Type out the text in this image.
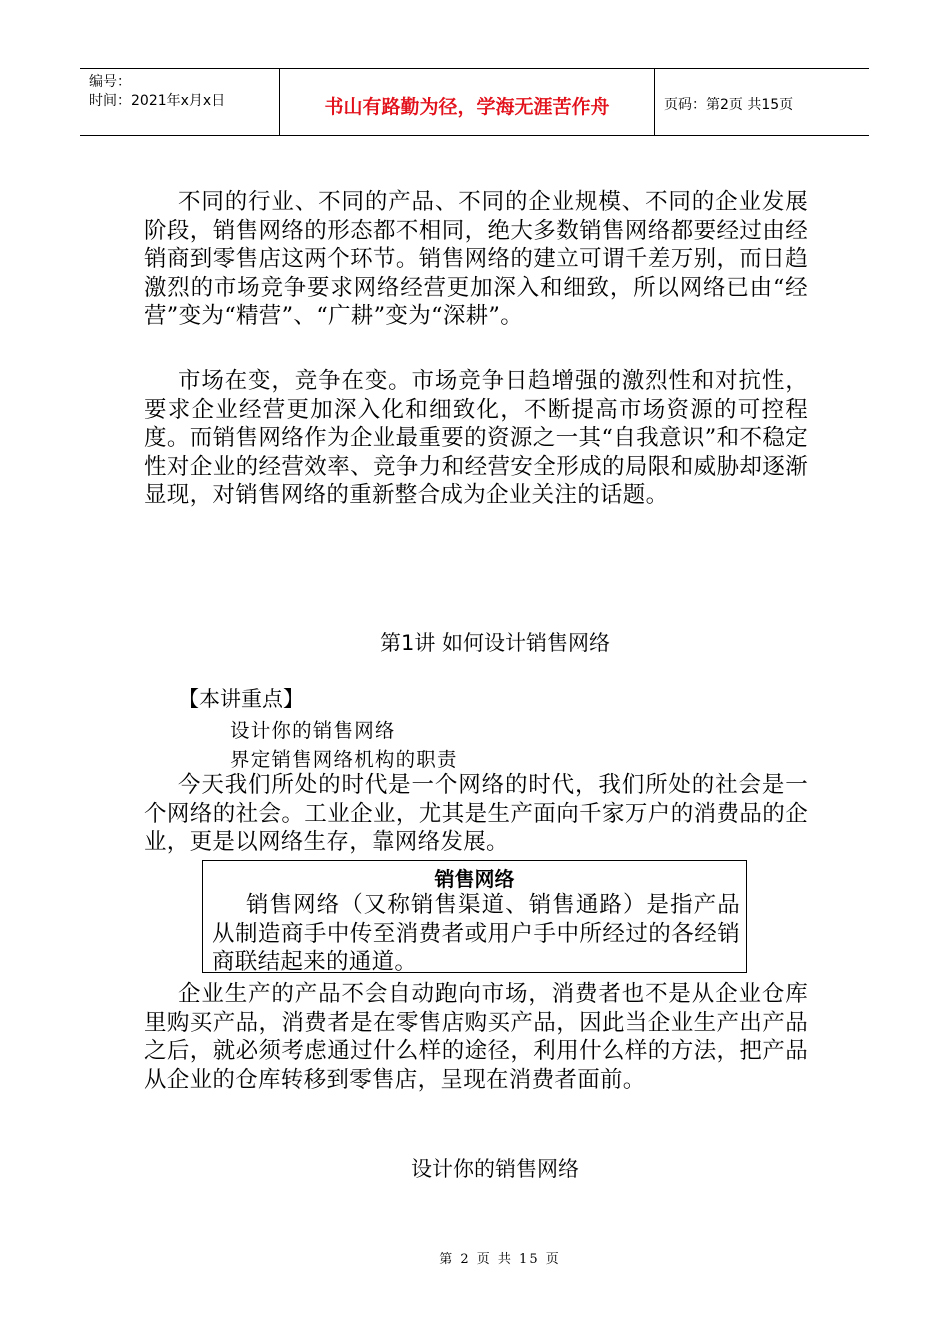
编号：
时间：2021年x月x日	书山有路勤为径，学海无涯苦作舟	页码：第2页 共15页
不同的行业、不同的产品、不同的企业规模、不同的企业发展阶段，销售网络的形态都不相同，绝大多数销售网络都要经过由经销商到零售店这两个环节。销售网络的建立可谓千差万别，而日趋激烈的市场竞争要求网络经营更加深入和细致，所以网络已由“经营”变为“精营”、“广耕”变为“深耕”。
市场在变，竞争在变。市场竞争日趋增强的激烈性和对抗性，要求企业经营更加深入化和细致化，不断提高市场资源的可控程度。而销售网络作为企业最重要的资源之一其“自我意识”和不稳定性对企业的经营效率、竞争力和经营安全形成的局限和威胁却逐渐显现，对销售网络的重新整合成为企业关注的话题。
第1讲 如何设计销售网络
【本讲重点】
设计你的销售网络
界定销售网络机构的职责
今天我们所处的时代是一个网络的时代，我们所处的社会是一个网络的社会。工业企业，尤其是生产面向千家万户的消费品的企业，更是以网络生存，靠网络发展。
销售网络
销售网络（又称销售渠道、销售通路）是指产品从制造商手中传至消费者或用户手中所经过的各经销商联结起来的通道。
企业生产的产品不会自动跑向市场，消费者也不是从企业仓库里购买产品，消费者是在零售店购买产品，因此当企业生产出产品之后，就必须考虑通过什么样的途径，利用什么样的方法，把产品从企业的仓库转移到零售店，呈现在消费者面前。
设计你的销售网络
第 2 页 共 15 页
